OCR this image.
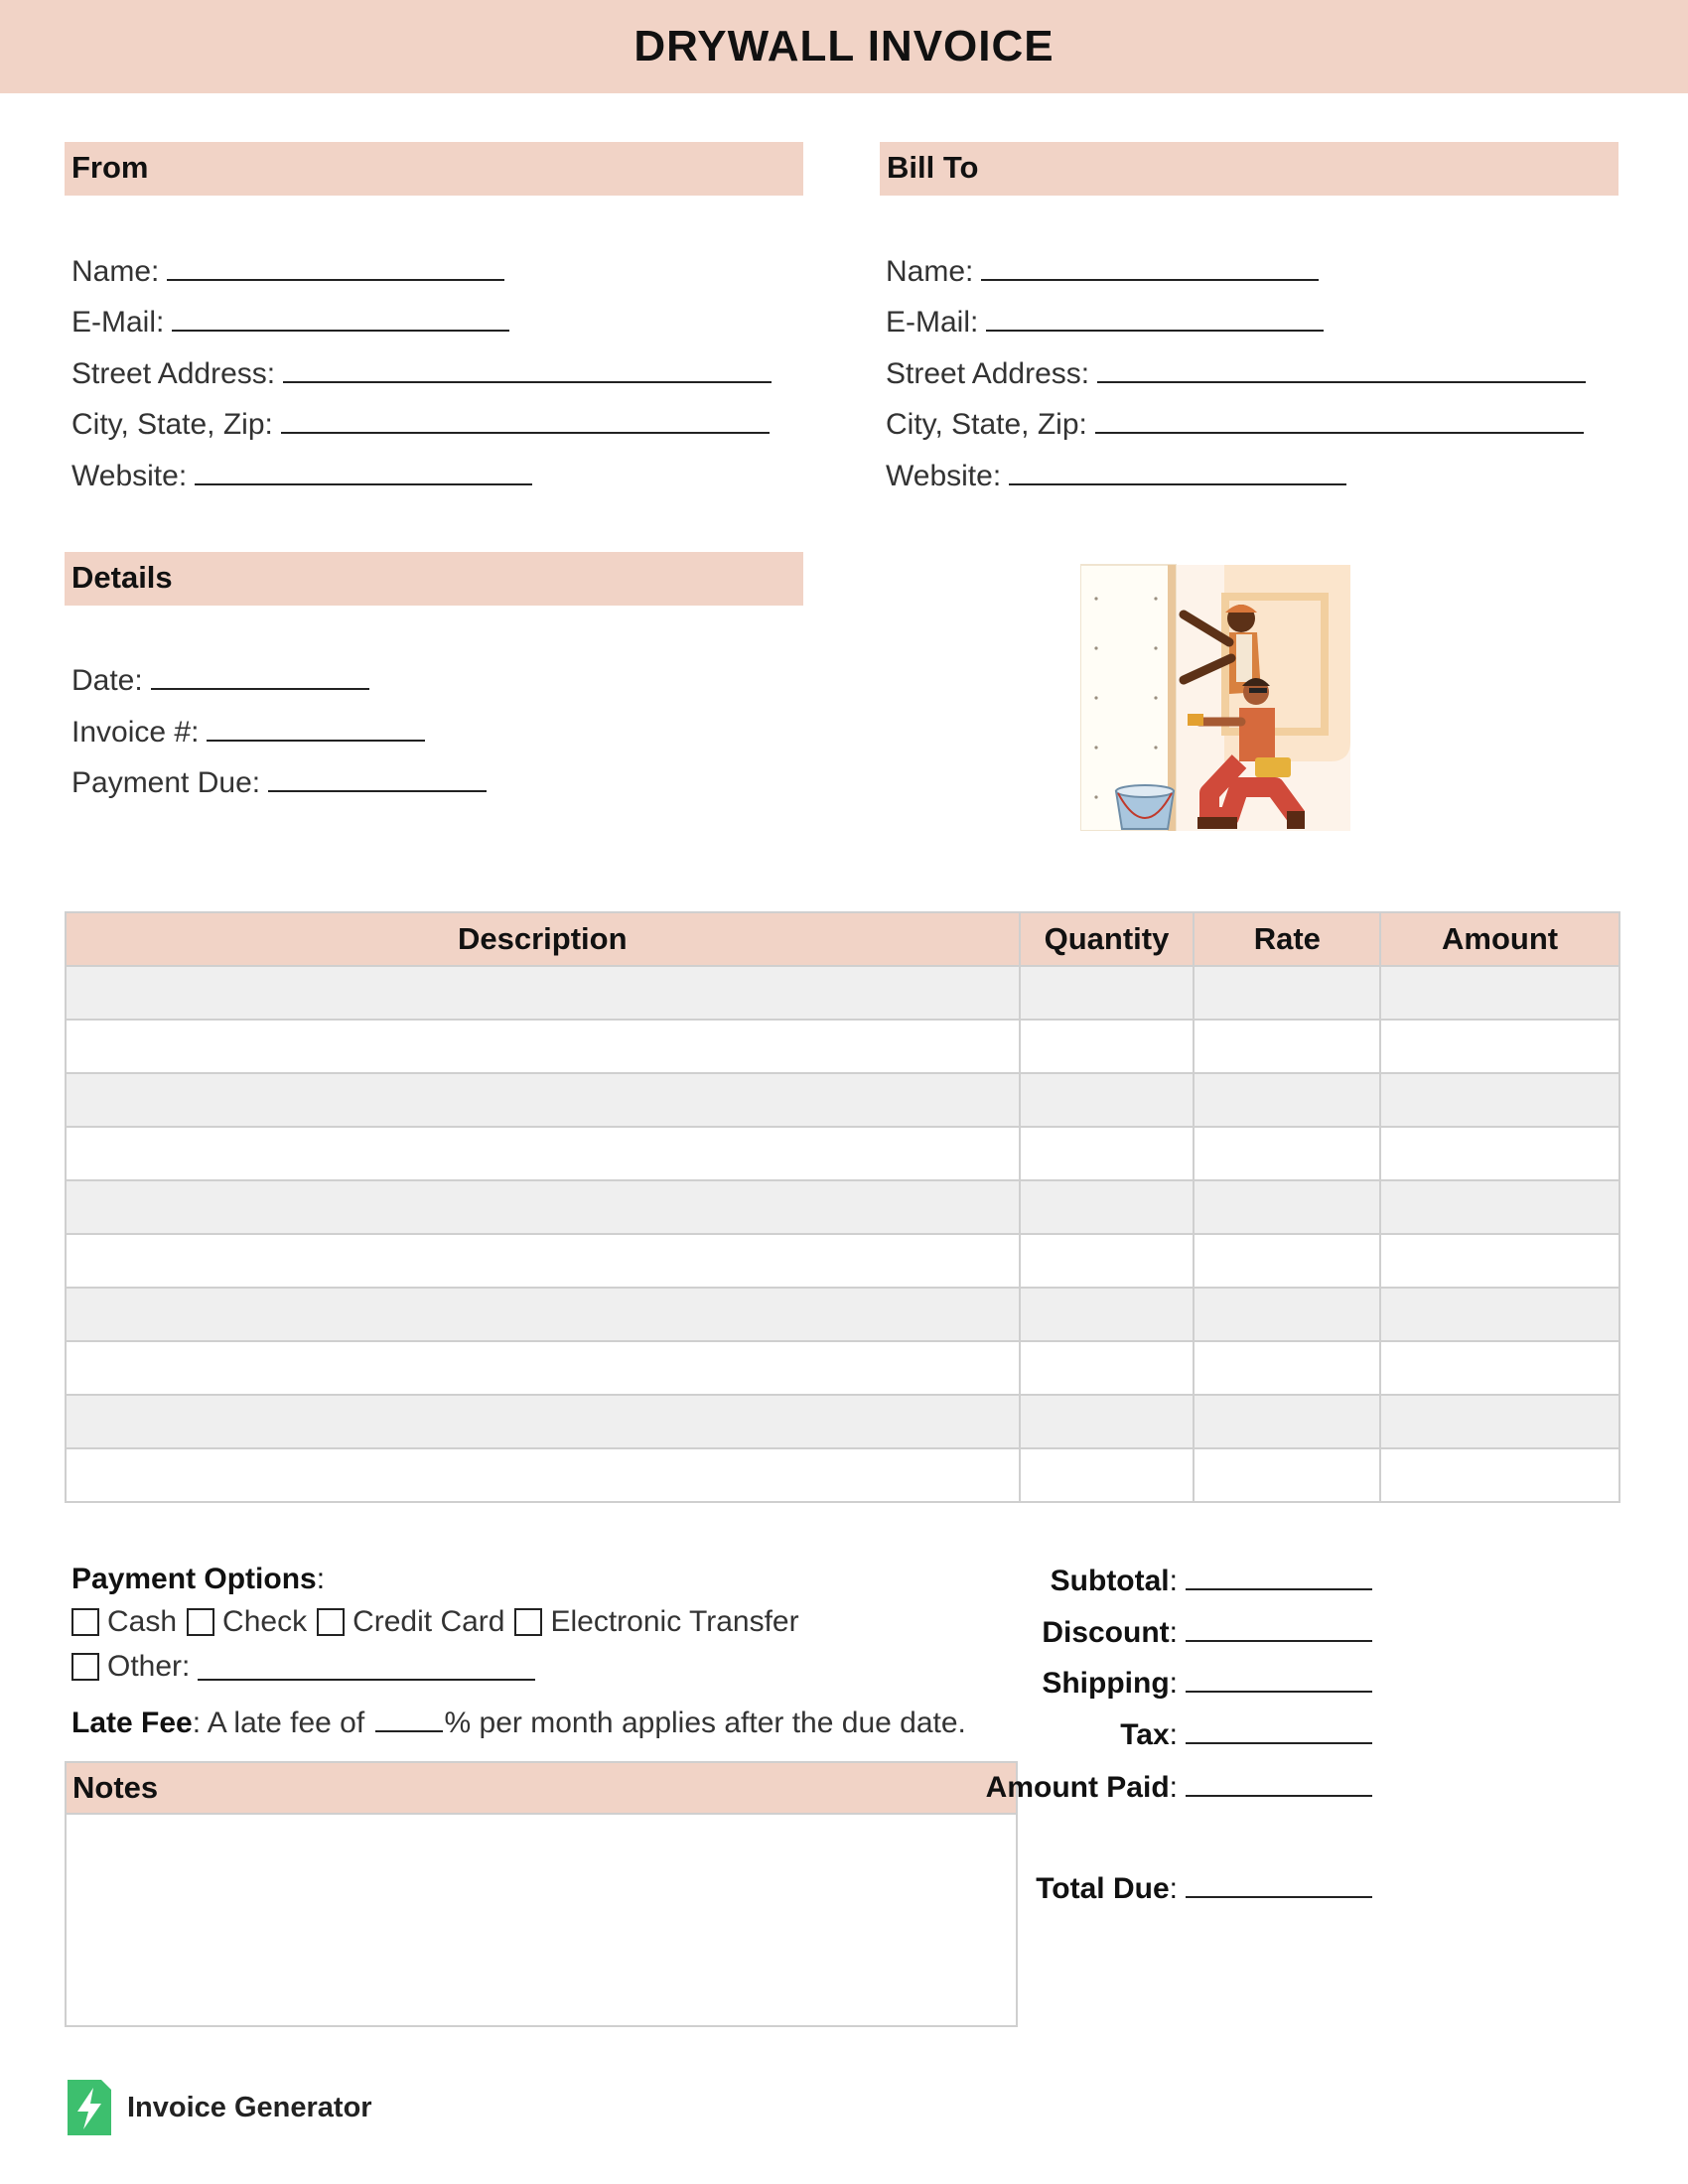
DRYWALL INVOICE
From
Name:
E-Mail:
Street Address:
City, State, Zip:
Website:
Bill To
Name:
E-Mail:
Street Address:
City, State, Zip:
Website:
Details
Date:
Invoice #:
Payment Due:
Description	Quantity	Rate	Amount

Payment Options:
Cash Check Credit Card Electronic Transfer
Other:
Late Fee: A late fee of % per month applies after the due date.
Notes
Subtotal:
Discount:
Shipping:
Tax:
Amount Paid:
Total Due:
Invoice Generator
